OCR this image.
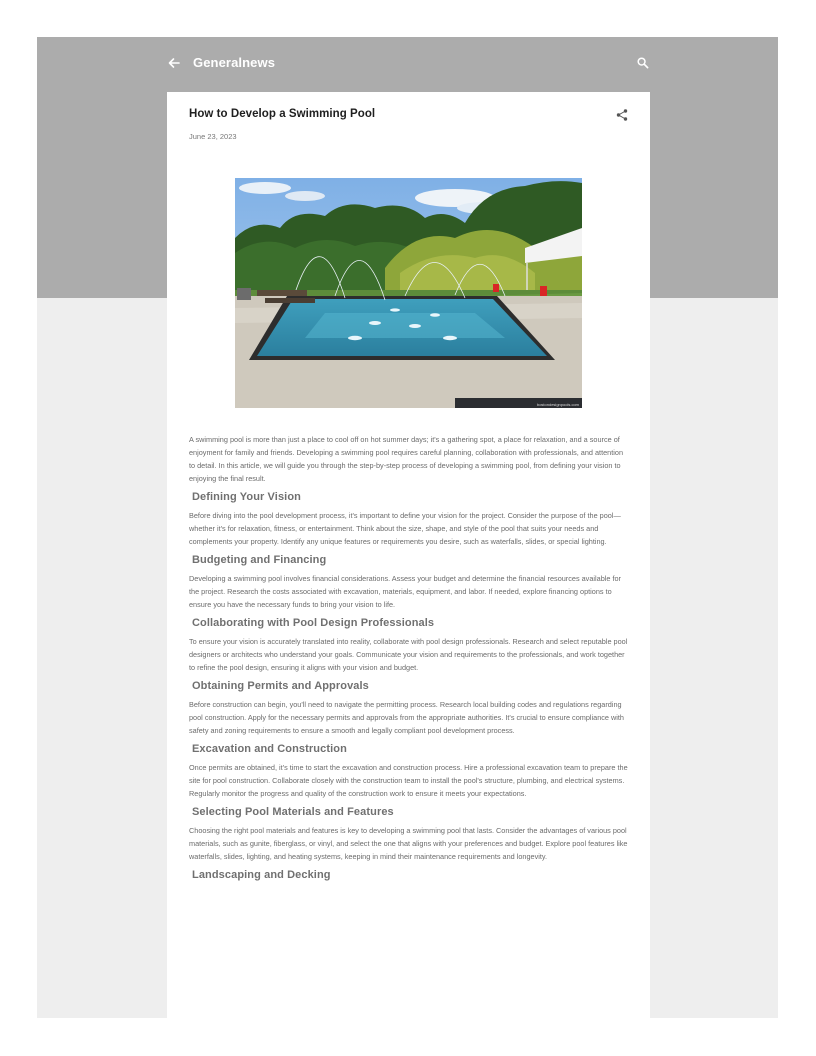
Generalnews
How to Develop a Swimming Pool
June 23, 2023
bostondesignpools.com

A swimming pool is more than just a place to cool off on hot summer days; it's a gathering spot, a place for relaxation, and a source of enjoyment for family and friends. Developing a swimming pool requires careful planning, collaboration with professionals, and attention to detail. In this article, we will guide you through the step-by-step process of developing a swimming pool, from defining your vision to enjoying the final result.

Defining Your Vision

Before diving into the pool development process, it's important to define your vision for the project. Consider the purpose of the pool—whether it's for relaxation, fitness, or entertainment. Think about the size, shape, and style of the pool that suits your needs and complements your property. Identify any unique features or requirements you desire, such as waterfalls, slides, or special lighting.

Budgeting and Financing

Developing a swimming pool involves financial considerations. Assess your budget and determine the financial resources available for the project. Research the costs associated with excavation, materials, equipment, and labor. If needed, explore financing options to ensure you have the necessary funds to bring your vision to life.

Collaborating with Pool Design Professionals

To ensure your vision is accurately translated into reality, collaborate with pool design professionals. Research and select reputable pool designers or architects who understand your goals. Communicate your vision and requirements to the professionals, and work together to refine the pool design, ensuring it aligns with your vision and budget.

Obtaining Permits and Approvals

Before construction can begin, you'll need to navigate the permitting process. Research local building codes and regulations regarding pool construction. Apply for the necessary permits and approvals from the appropriate authorities. It's crucial to ensure compliance with safety and zoning requirements to ensure a smooth and legally compliant pool development process.

Excavation and Construction

Once permits are obtained, it's time to start the excavation and construction process. Hire a professional excavation team to prepare the site for pool construction. Collaborate closely with the construction team to install the pool's structure, plumbing, and electrical systems. Regularly monitor the progress and quality of the construction work to ensure it meets your expectations.

Selecting Pool Materials and Features

Choosing the right pool materials and features is key to developing a swimming pool that lasts. Consider the advantages of various pool materials, such as gunite, fiberglass, or vinyl, and select the one that aligns with your preferences and budget. Explore pool features like waterfalls, slides, lighting, and heating systems, keeping in mind their maintenance requirements and longevity.

Landscaping and Decking
